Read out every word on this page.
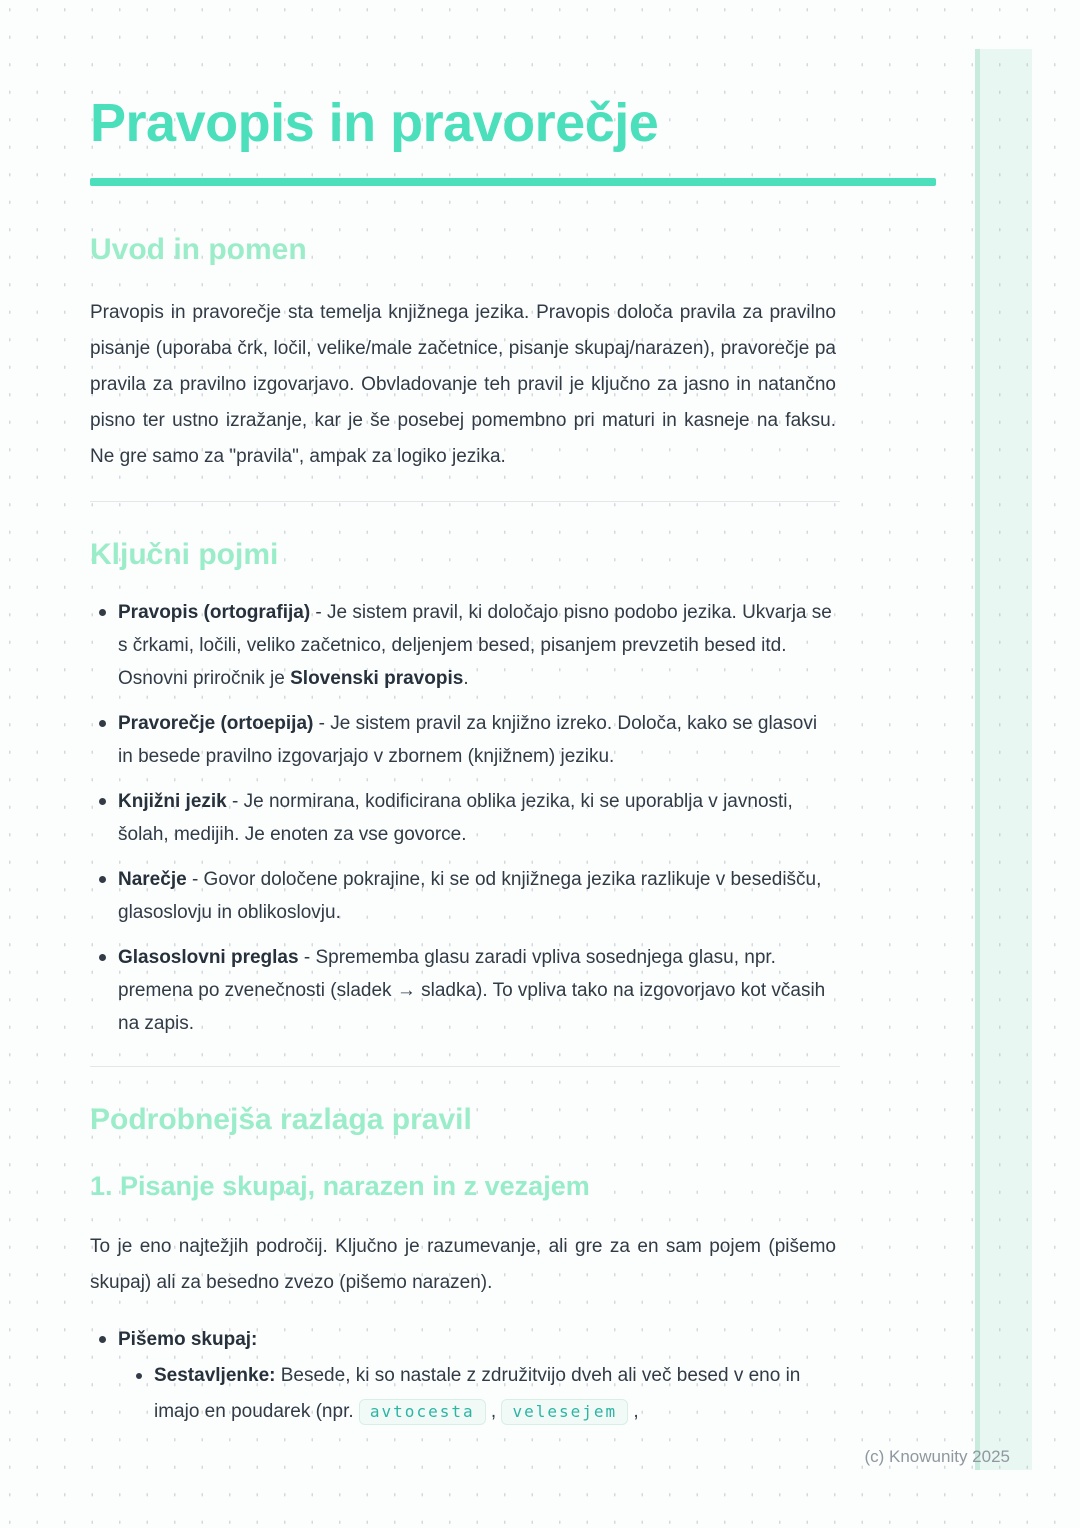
Pravopis in pravorečje
Uvod in pomen

Pravopis in pravorečje sta temelja knjižnega jezika. Pravopis določa pravila za pravilno pisanje (uporaba črk, ločil, velike/male začetnice, pisanje skupaj/narazen), pravorečje pa pravila za pravilno izgovarjavo. Obvladovanje teh pravil je ključno za jasno in natančno pisno ter ustno izražanje, kar je še posebej pomembno pri maturi in kasneje na faksu. Ne gre samo za "pravila", ampak za logiko jezika.

Ključni pojmi
Pravopis (ortografija) - Je sistem pravil, ki določajo pisno podobo jezika. Ukvarja se s črkami, ločili, veliko začetnico, deljenjem besed, pisanjem prevzetih besed itd. Osnovni priročnik je Slovenski pravopis.
Pravorečje (ortoepija) - Je sistem pravil za knjižno izreko. Določa, kako se glasovi in besede pravilno izgovarjajo v zbornem (knjižnem) jeziku.
Knjižni jezik - Je normirana, kodificirana oblika jezika, ki se uporablja v javnosti, šolah, medijih. Je enoten za vse govorce.
Narečje - Govor določene pokrajine, ki se od knjižnega jezika razlikuje v besedišču, glasoslovju in oblikoslovju.
Glasoslovni preglas - Sprememba glasu zaradi vpliva sosednjega glasu, npr. premena po zvenečnosti (sladek → sladka). To vpliva tako na izgovorjavo kot včasih na zapis.
Podrobnejša razlaga pravil
1. Pisanje skupaj, narazen in z vezajem

To je eno najtežjih področij. Ključno je razumevanje, ali gre za en sam pojem (pišemo skupaj) ali za besedno zvezo (pišemo narazen).

Pišemo skupaj:
Sestavljenke: Besede, ki so nastale z združitvijo dveh ali več besed v eno in imajo en poudarek (npr. avtocesta , velesejem ,
(c) Knowunity 2025
